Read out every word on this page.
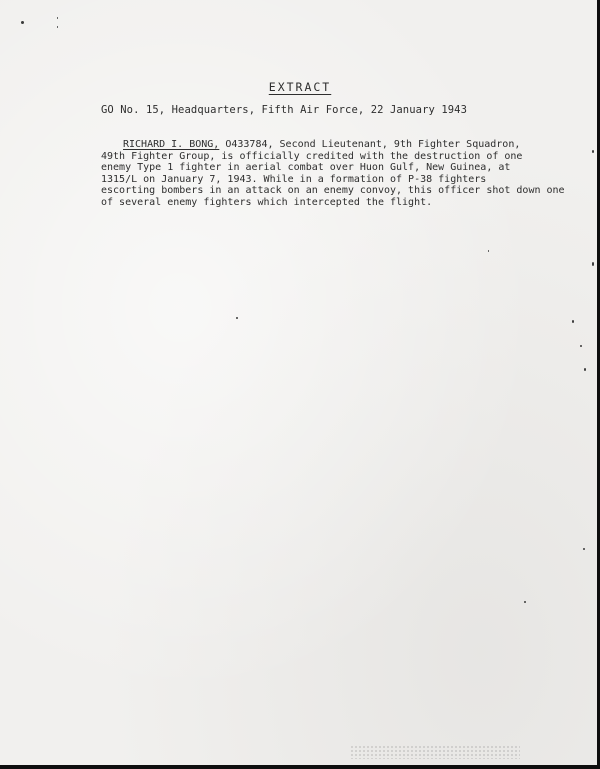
EXTRACT
GO No. 15, Headquarters, Fifth Air Force, 22 January 1943
RICHARD I. BONG, O433784, Second Lieutenant, 9th Fighter Squadron,
49th Fighter Group, is officially credited with the destruction of one
enemy Type 1 fighter in aerial combat over Huon Gulf, New Guinea, at
1315/L on January 7, 1943. While in a formation of P-38 fighters
escorting bombers in an attack on an enemy convoy, this officer shot down one
of several enemy fighters which intercepted the flight.
